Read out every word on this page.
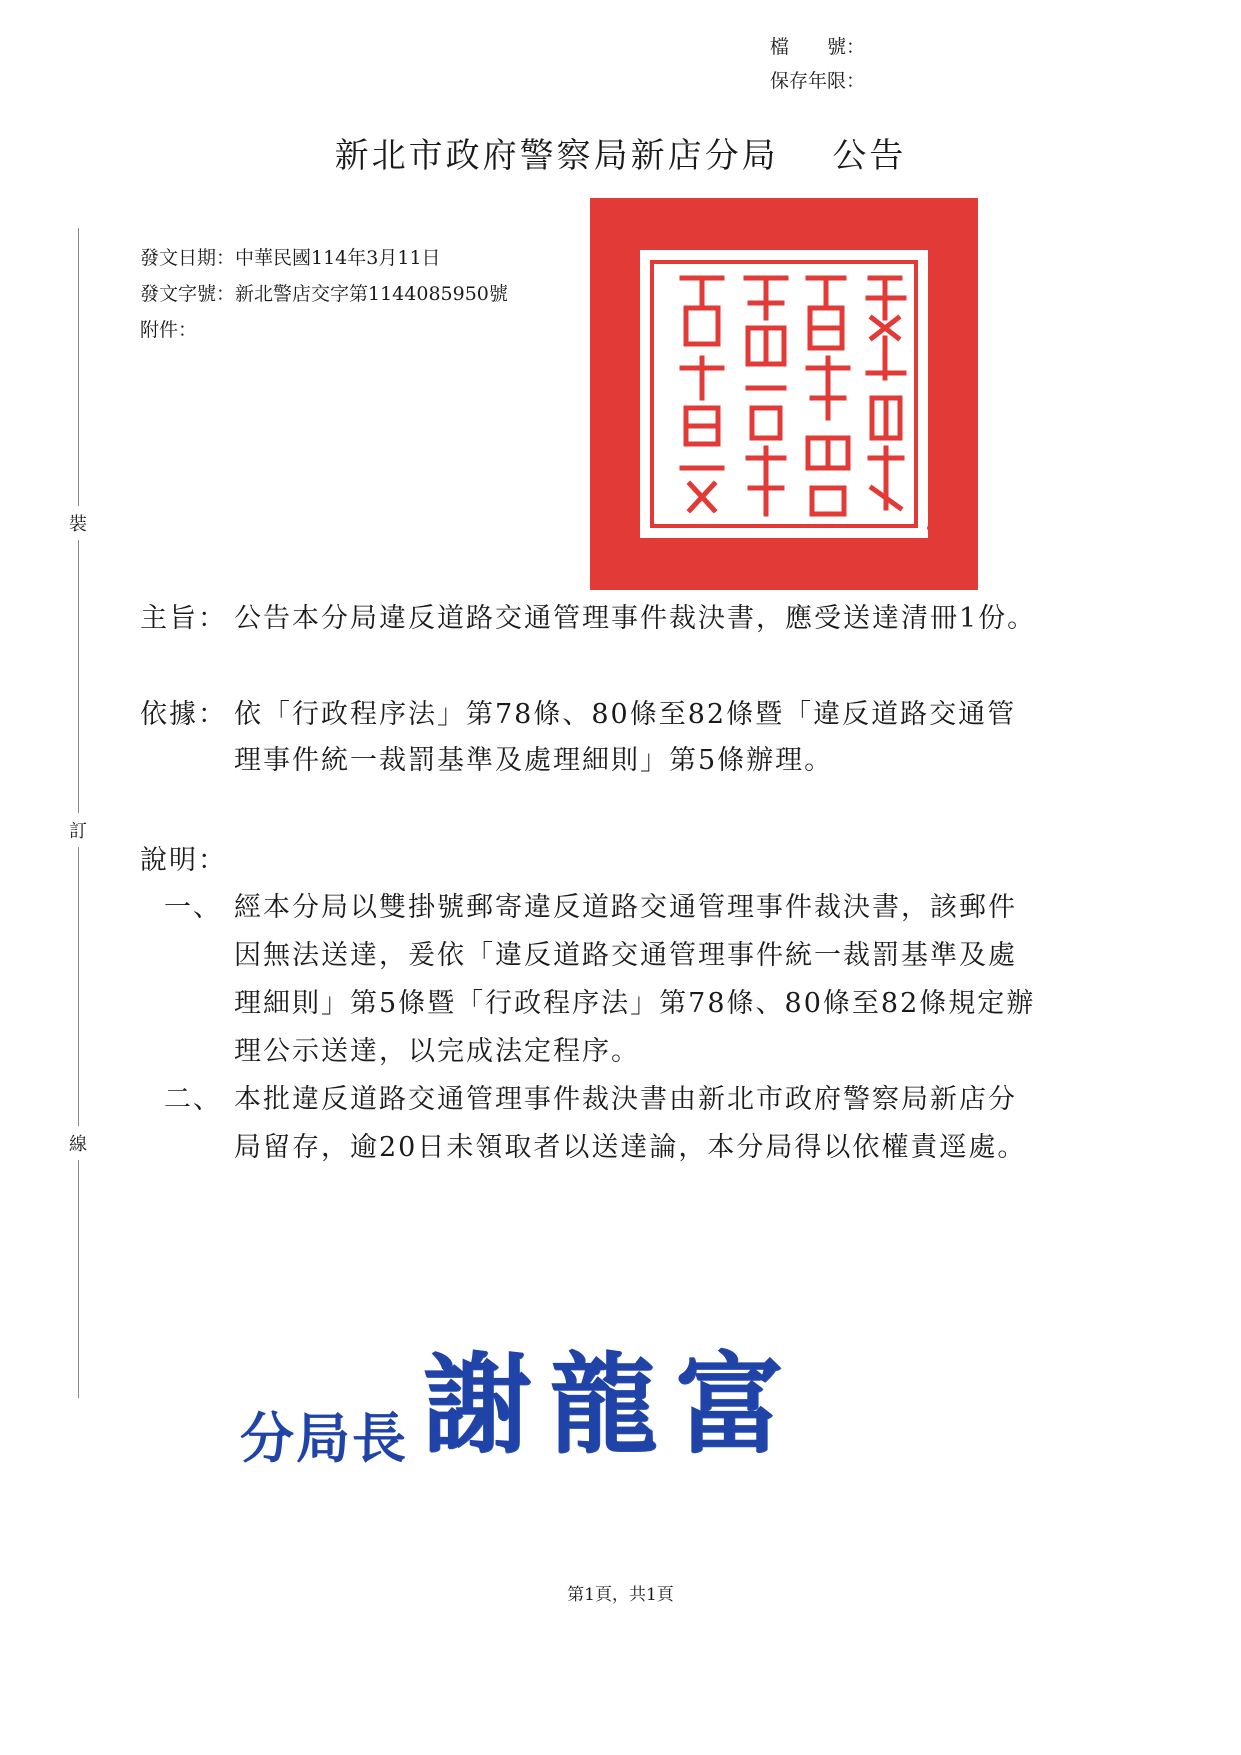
檔　　號：
保存年限：
新北市政府警察局新店分局 公告
裝
訂
線
發文日期：中華民國114年3月11日
發文字號：新北警店交字第1144085950號
附件：
主旨： 公告本分局違反道路交通管理事件裁決書，應受送達清冊1份。
依據： 依「行政程序法」第78條、80條至82條暨「違反道路交通管理事件統一裁罰基準及處理細則」第5條辦理。
說明：
一、 經本分局以雙掛號郵寄違反道路交通管理事件裁決書，該郵件因無法送達，爰依「違反道路交通管理事件統一裁罰基準及處理細則」第5條暨「行政程序法」第78條、80條至82條規定辦理公示送達，以完成法定程序。
二、 本批違反道路交通管理事件裁決書由新北市政府警察局新店分局留存，逾20日未領取者以送達論，本分局得以依權責逕處。
分局長 謝龍富
第1頁，共1頁
